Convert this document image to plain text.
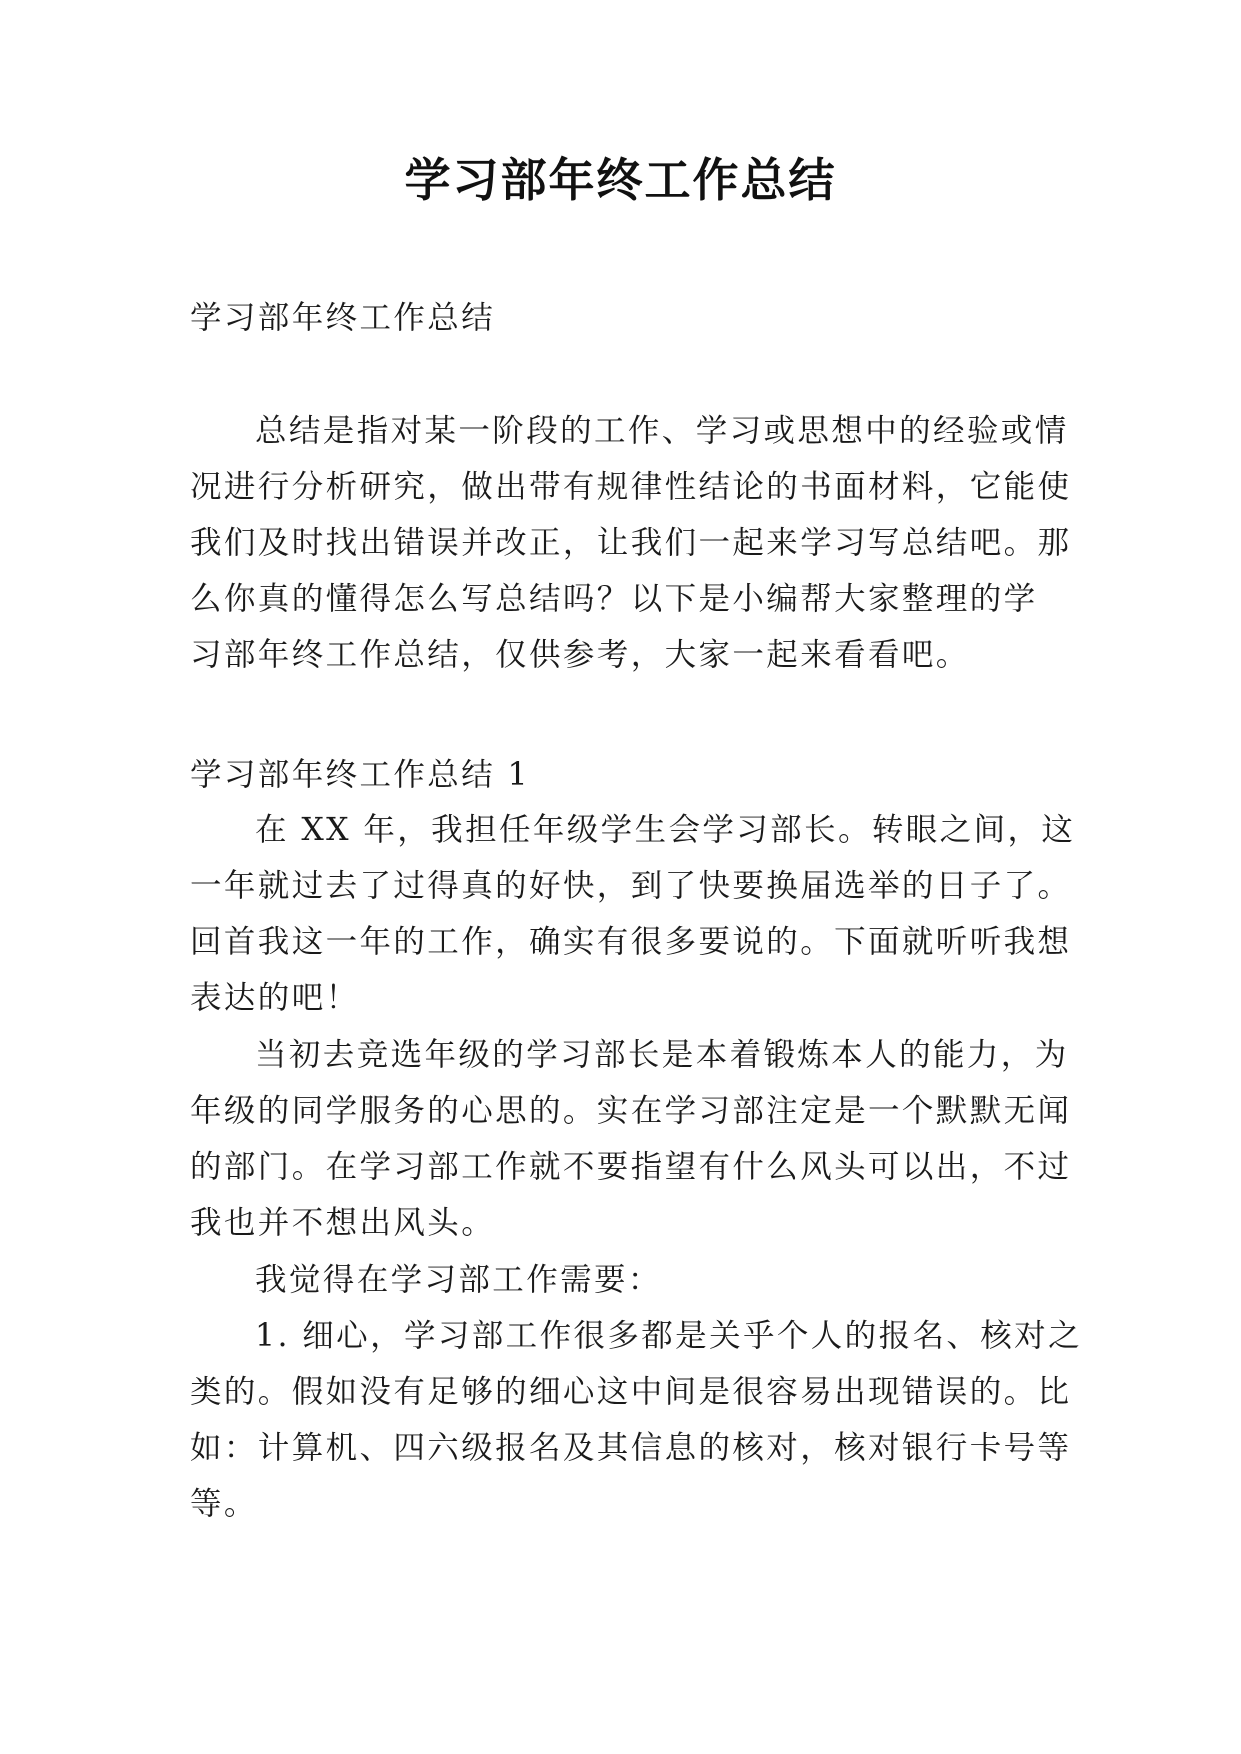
学习部年终工作总结
学习部年终工作总结
总结是指对某一阶段的工作、学习或思想中的经验或情
况进行分析研究，做出带有规律性结论的书面材料，它能使
我们及时找出错误并改正，让我们一起来学习写总结吧。那
么你真的懂得怎么写总结吗？以下是小编帮大家整理的学
习部年终工作总结，仅供参考，大家一起来看看吧。
学习部年终工作总结 1
在 XX 年，我担任年级学生会学习部长。转眼之间，这
一年就过去了过得真的好快，到了快要换届选举的日子了。
回首我这一年的工作，确实有很多要说的。下面就听听我想
表达的吧！
当初去竞选年级的学习部长是本着锻炼本人的能力，为
年级的同学服务的心思的。实在学习部注定是一个默默无闻
的部门。在学习部工作就不要指望有什么风头可以出，不过
我也并不想出风头。
我觉得在学习部工作需要：
1. 细心，学习部工作很多都是关乎个人的报名、核对之
类的。假如没有足够的细心这中间是很容易出现错误的。比
如：计算机、四六级报名及其信息的核对，核对银行卡号等
等。
